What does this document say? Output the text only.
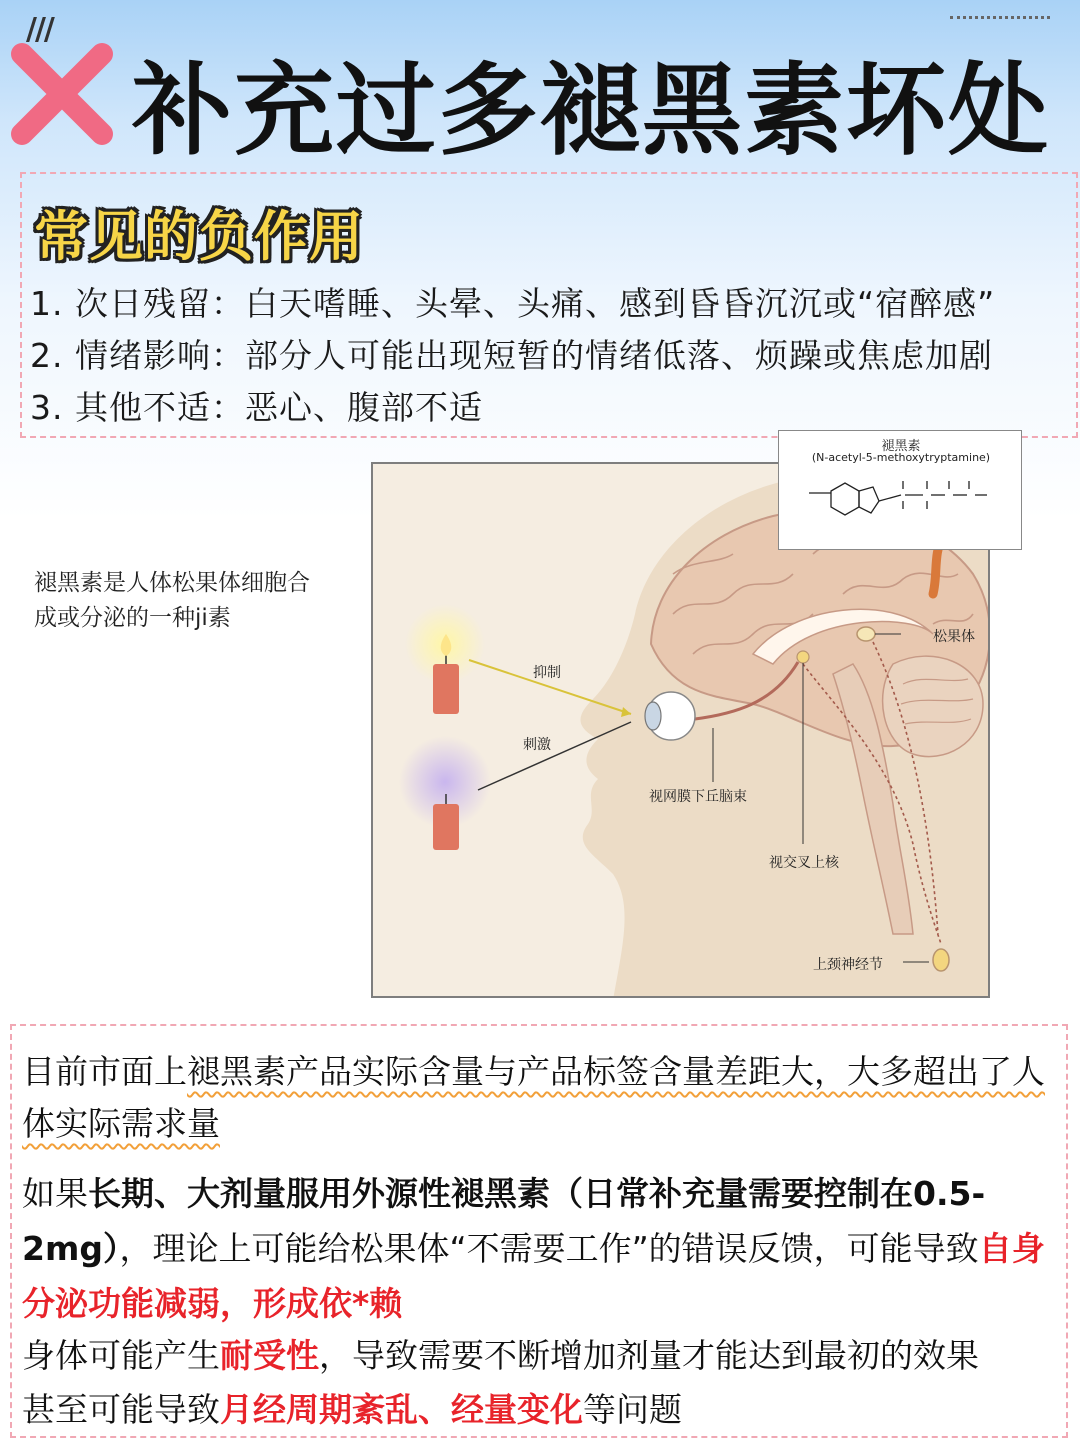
///
补充过多褪黑素坏处
常见的负作用
1. 次日残留：白天嗜睡、头晕、头痛、感到昏昏沉沉或“宿醉感”
2. 情绪影响：部分人可能出现短暂的情绪低落、烦躁或焦虑加剧
3. 其他不适：恶心、腹部不适
褪黑素是人体松果体细胞合成或分泌的一种ji素
抑制
刺激
松果体
视网膜下丘脑束
视交叉上核
上颈神经节
褪黑素
(N-acetyl-5-methoxytryptamine)

目前市面上褪黑素产品实际含量与产品标签含量差距大，大多超出了人体实际需求量

如果长期、大剂量服用外源性褪黑素（日常补充量需要控制在0.5-2mg），理论上可能给松果体“不需要工作”的错误反馈，可能导致自身分泌功能减弱，形成依*赖

身体可能产生耐受性，导致需要不断增加剂量才能达到最初的效果

甚至可能导致月经周期紊乱、经量变化等问题
